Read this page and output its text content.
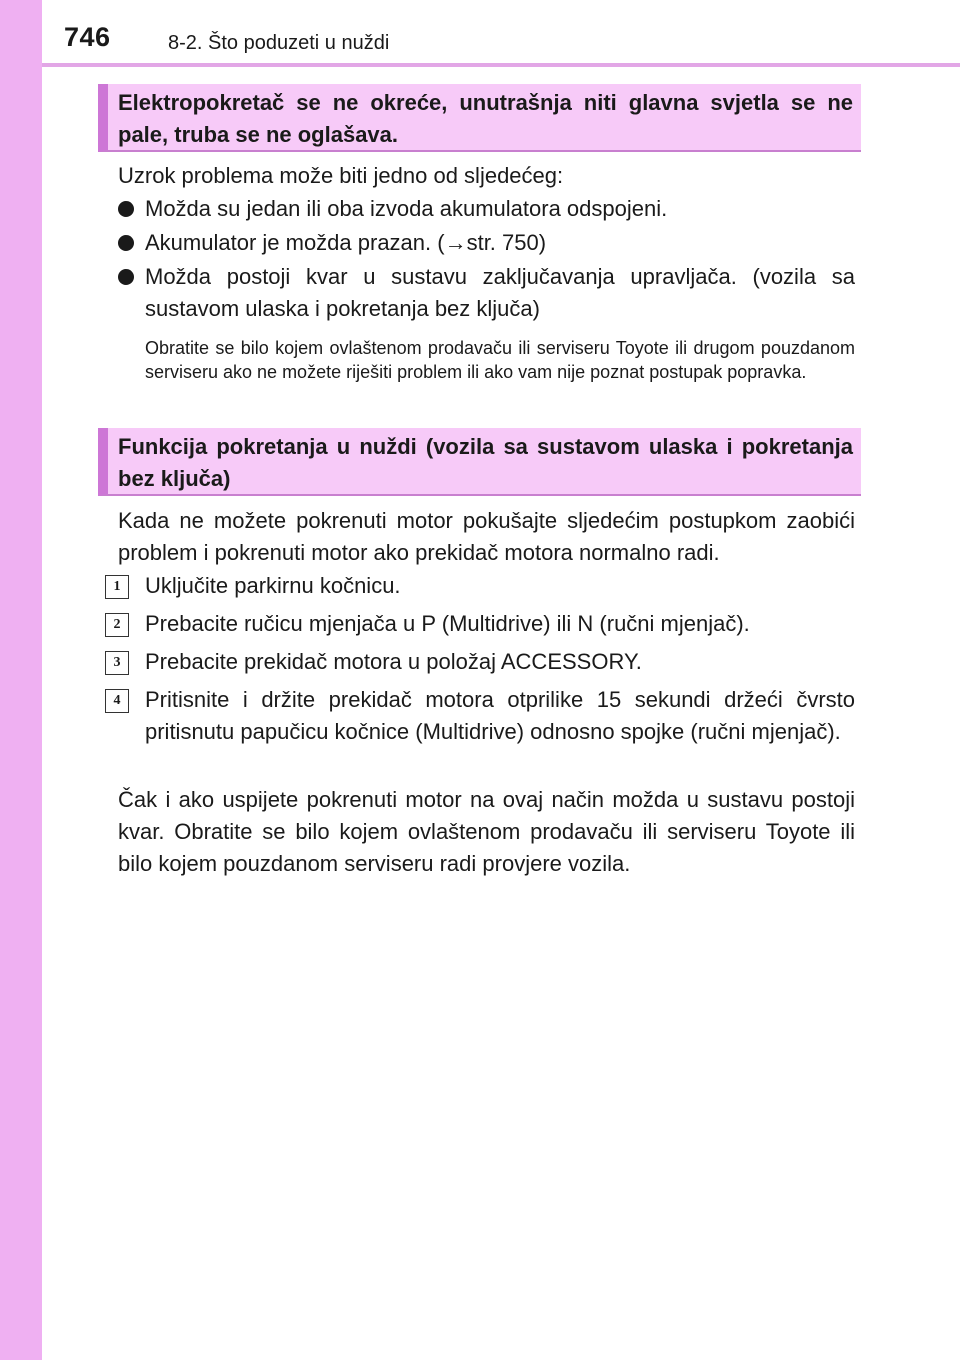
746	8-2. Što poduzeti u nuždi
Elektropokretač se ne okreće, unutrašnja niti glavna svjetla se ne pale, truba se ne oglašava.
Uzrok problema može biti jedno od sljedećeg:
Možda su jedan ili oba izvoda akumulatora odspojeni.
Akumulator je možda prazan. (→str. 750)
Možda postoji kvar u sustavu zaključavanja upravljača. (vozila sa sustavom ulaska i pokretanja bez ključa)
Obratite se bilo kojem ovlaštenom prodavaču ili serviseru Toyote ili drugom pouzdanom serviseru ako ne možete riješiti problem ili ako vam nije poznat postupak popravka.
Funkcija pokretanja u nuždi (vozila sa sustavom ulaska i pokretanja bez ključa)
Kada ne možete pokrenuti motor pokušajte sljedećim postupkom zaobići problem i pokrenuti motor ako prekidač motora normalno radi.
1	Uključite parkirnu kočnicu.
2	Prebacite ručicu mjenjača u P (Multidrive) ili N (ručni mjenjač).
3	Prebacite prekidač motora u položaj ACCESSORY.
4	Pritisnite i držite prekidač motora otprilike 15 sekundi držeći čvrsto pritisnutu papučicu kočnice (Multidrive) odnosno spojke (ručni mjenjač).
Čak i ako uspijete pokrenuti motor na ovaj način možda u sustavu postoji kvar. Obratite se bilo kojem ovlaštenom prodavaču ili serviseru Toyote ili bilo kojem pouzdanom serviseru radi provjere vozila.
